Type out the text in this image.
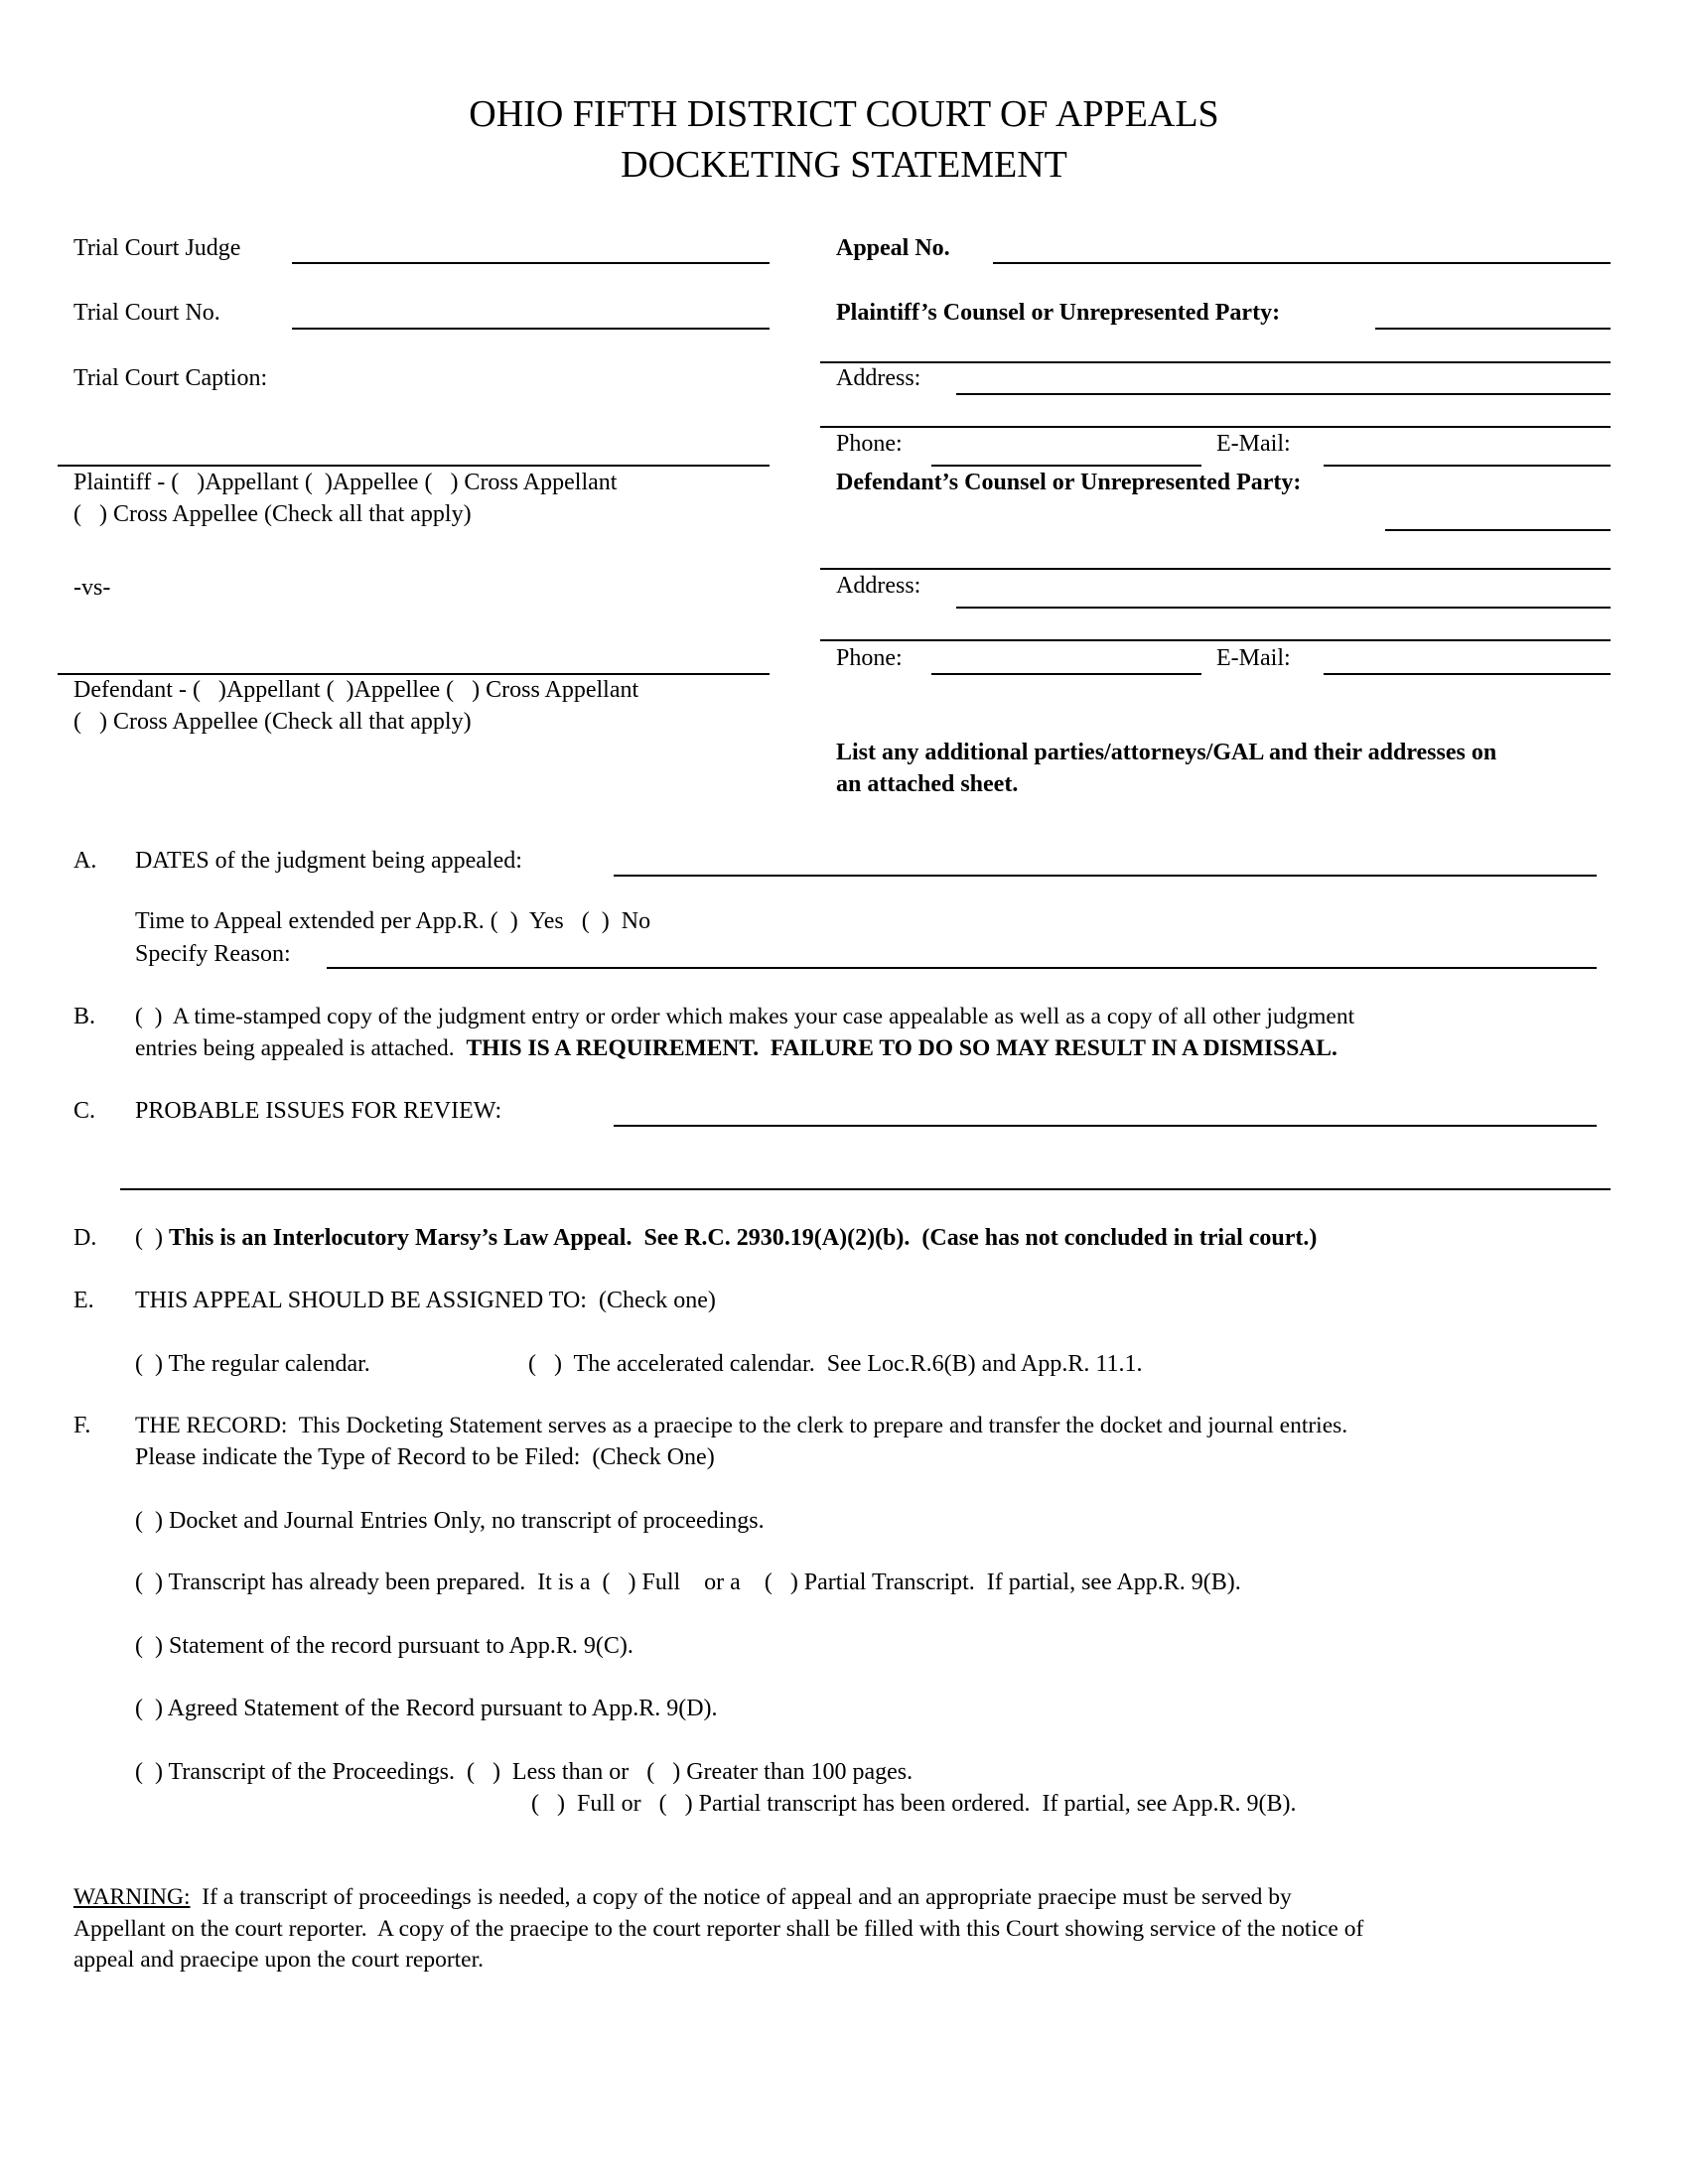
OHIO FIFTH DISTRICT COURT OF APPEALS
DOCKETING STATEMENT
Trial Court Judge
Trial Court No.
Trial Court Caption:
Plaintiff - (   )Appellant (  )Appellee (   ) Cross Appellant
(   ) Cross Appellee (Check all that apply)
-vs-
Defendant - (   )Appellant (  )Appellee (   ) Cross Appellant
(   ) Cross Appellee (Check all that apply)
Appeal No.
Plaintiff’s Counsel or Unrepresented Party:
Address:
Phone:	E-Mail:
Defendant’s Counsel or Unrepresented Party:
Address:
Phone:	E-Mail:
List any additional parties/attorneys/GAL and their addresses on
an attached sheet.
A. DATES of the judgment being appealed:
Time to Appeal extended per App.R. (  )  Yes   (  )  No
Specify Reason:
B. (  )  A time-stamped copy of the judgment entry or order which makes your case appealable as well as a copy of all other judgment
entries being appealed is attached.  THIS IS A REQUIREMENT.  FAILURE TO DO SO MAY RESULT IN A DISMISSAL.
C. PROBABLE ISSUES FOR REVIEW:
D. (  ) This is an Interlocutory Marsy’s Law Appeal.  See R.C. 2930.19(A)(2)(b).  (Case has not concluded in trial court.)
E. THIS APPEAL SHOULD BE ASSIGNED TO:  (Check one)
(  ) The regular calendar.	(   )  The accelerated calendar.  See Loc.R.6(B) and App.R. 11.1.
F. THE RECORD:  This Docketing Statement serves as a praecipe to the clerk to prepare and transfer the docket and journal entries.
Please indicate the Type of Record to be Filed:  (Check One)
(  ) Docket and Journal Entries Only, no transcript of proceedings.
(  ) Transcript has already been prepared.  It is a  (   ) Full    or a    (   ) Partial Transcript.  If partial, see App.R. 9(B).
(  ) Statement of the record pursuant to App.R. 9(C).
(  ) Agreed Statement of the Record pursuant to App.R. 9(D).
(  ) Transcript of the Proceedings.  (   )  Less than or   (   ) Greater than 100 pages.
(   )  Full or   (   ) Partial transcript has been ordered.  If partial, see App.R. 9(B).
WARNING:  If a transcript of proceedings is needed, a copy of the notice of appeal and an appropriate praecipe must be served by
Appellant on the court reporter.  A copy of the praecipe to the court reporter shall be filled with this Court showing service of the notice of
appeal and praecipe upon the court reporter.
